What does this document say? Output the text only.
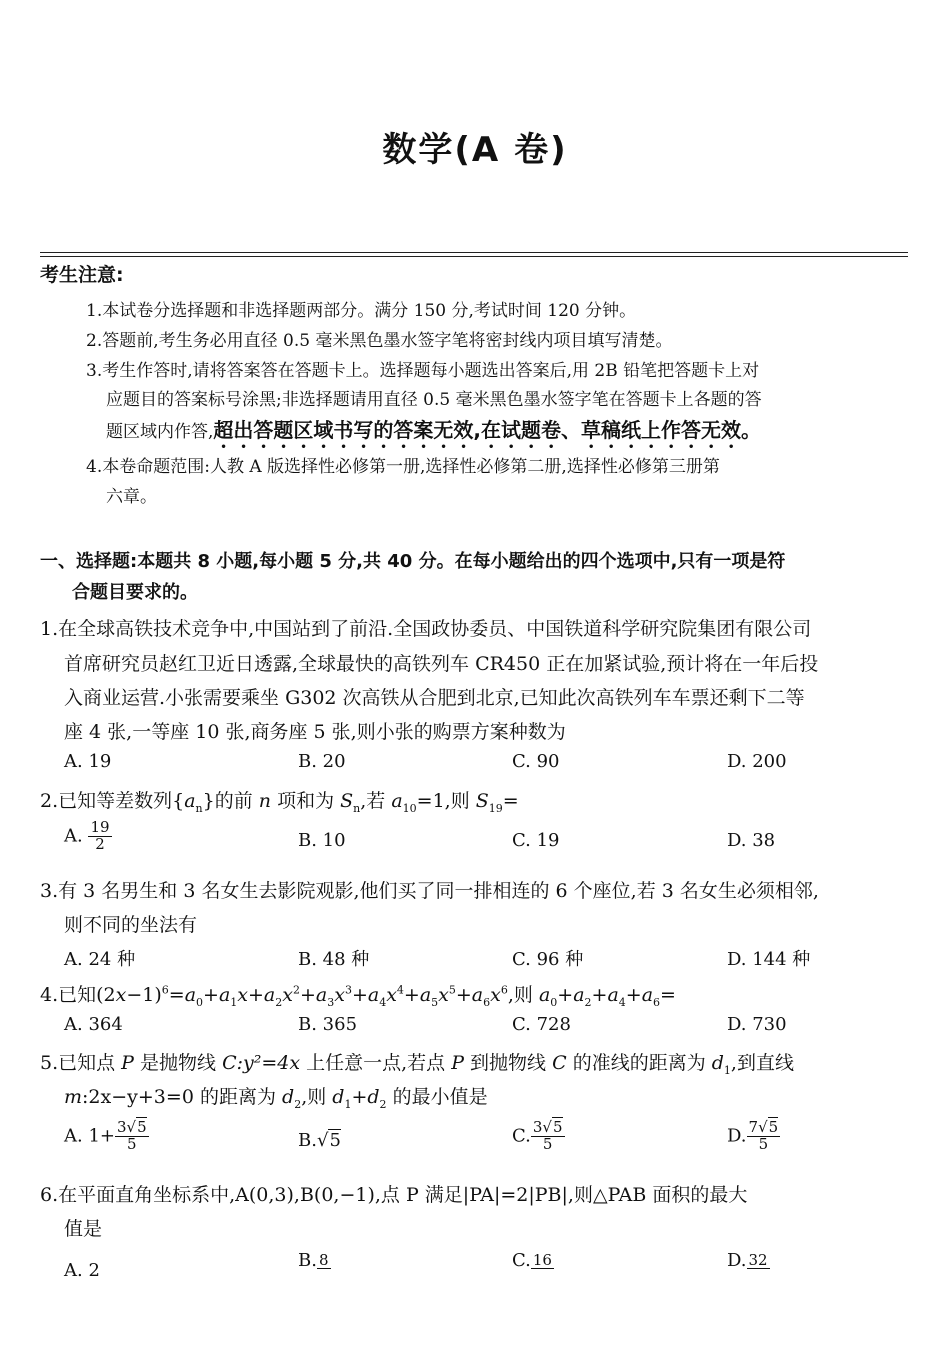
数学(A 卷)
考生注意:
1.本试卷分选择题和非选择题两部分。满分 150 分,考试时间 120 分钟。
2.答题前,考生务必用直径 0.5 毫米黑色墨水签字笔将密封线内项目填写清楚。
3.考生作答时,请将答案答在答题卡上。选择题每小题选出答案后,用 2B 铅笔把答题卡上对
应题目的答案标号涂黑;非选择题请用直径 0.5 毫米黑色墨水签字笔在答题卡上各题的答
题区域内作答,超出答题区域书写的答案无效,在试题卷、草稿纸上作答无效。
4.本卷命题范围:人教 A 版选择性必修第一册,选择性必修第二册,选择性必修第三册第
六章。
一、选择题:本题共 8 小题,每小题 5 分,共 40 分。在每小题给出的四个选项中,只有一项是符
合题目要求的。
1.在全球高铁技术竞争中,中国站到了前沿.全国政协委员、中国铁道科学研究院集团有限公司
首席研究员赵红卫近日透露,全球最快的高铁列车 CR450 正在加紧试验,预计将在一年后投
入商业运营.小张需要乘坐 G302 次高铁从合肥到北京,已知此次高铁列车车票还剩下二等
座 4 张,一等座 10 张,商务座 5 张,则小张的购票方案种数为
A. 19	B. 20	C. 90	D. 200
2.已知等差数列$\{a_n\}$的前 n 项和为 $S_n$,若 $a_{10}=1$,则 $S_{19}=$
A. $\frac{19}{2}$	B. 10	C. 19	D. 38
3.有 3 名男生和 3 名女生去影院观影,他们买了同一排相连的 6 个座位,若 3 名女生必须相邻,
则不同的坐法有
A. 24 种	B. 48 种	C. 96 种	D. 144 种
4.已知$(2x-1)^6=a_0+a_1x+a_2x^2+a_3x^3+a_4x^4+a_5x^5+a_6x^6$,则 $a_0+a_2+a_4+a_6=$
A. 364	B. 365	C. 728	D. 730
5.已知点 P 是抛物线 C:y²=4x 上任意一点,若点 P 到抛物线 C 的准线的距离为 $d_1$,到直线
m:2x−y+3=0 的距离为 $d_2$,则 $d_1+d_2$ 的最小值是
A. $1+ \frac{3√5}{5}$	B.√5	C. $\frac{3√5}{5}$	D. $\frac{7√5}{5}$
6.在平面直角坐标系中,A(0,3),B(0,−1),点 P 满足|PA|=2|PB|,则△PAB 面积的最大
值是
A. 2	B. 8	C. 16	D. 32
